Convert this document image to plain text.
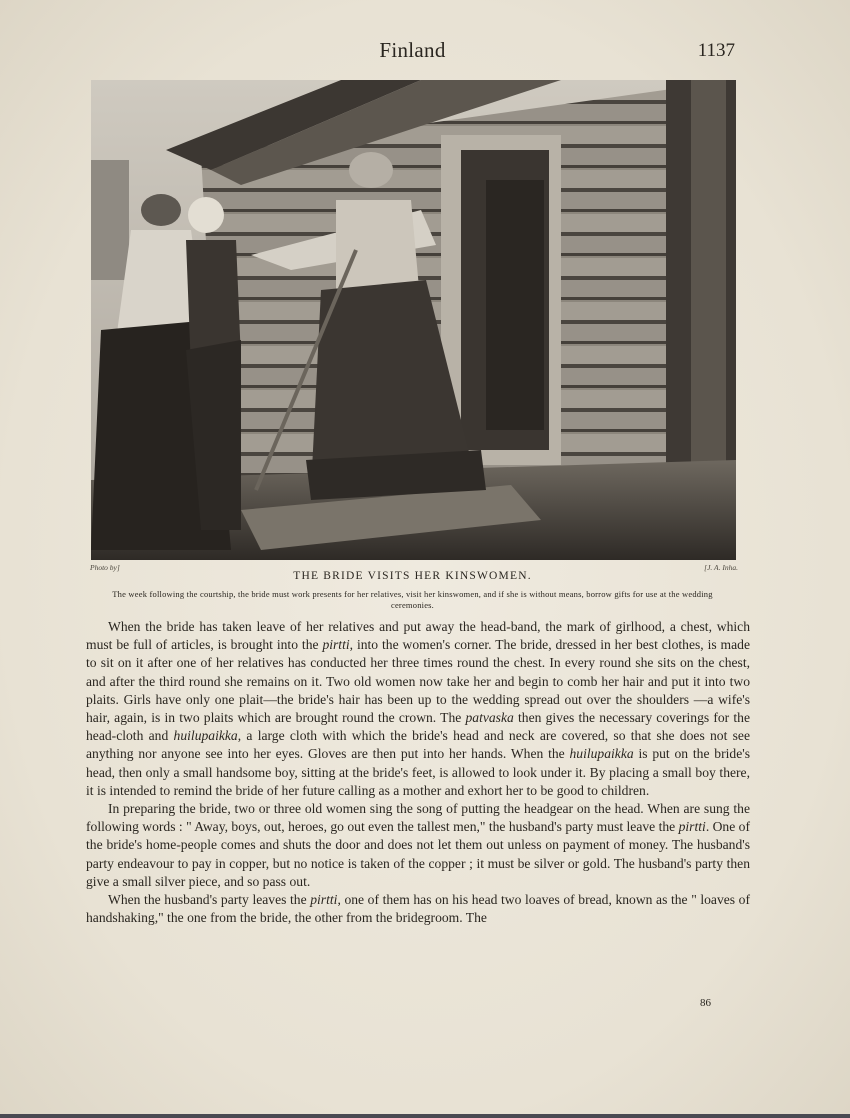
Finland	1137
Photo by]	[J. A. Inha.
THE BRIDE VISITS HER KINSWOMEN.
The week following the courtship, the bride must work presents for her relatives, visit her kinswomen, and if she is without means, borrow gifts for use at the wedding ceremonies.

When the bride has taken leave of her relatives and put away the head-band, the mark of girlhood, a chest, which must be full of articles, is brought into the pirtti, into the women's corner. The bride, dressed in her best clothes, is made to sit on it after one of her relatives has conducted her three times round the chest. In every round she sits on the chest, and after the third round she remains on it. Two old women now take her and begin to comb her hair and put it into two plaits. Girls have only one plait—the bride's hair has been up to the wedding spread out over the shoulders —a wife's hair, again, is in two plaits which are brought round the crown. The patvaska then gives the necessary coverings for the head-cloth and huilupaikka, a large cloth with which the bride's head and neck are covered, so that she does not see anything nor anyone see into her eyes. Gloves are then put into her hands. When the huilupaikka is put on the bride's head, then only a small handsome boy, sitting at the bride's feet, is allowed to look under it. By placing a small boy there, it is intended to remind the bride of her future calling as a mother and exhort her to be good to children.

In preparing the bride, two or three old women sing the song of putting the headgear on the head. When are sung the following words : " Away, boys, out, heroes, go out even the tallest men," the husband's party must leave the pirtti. One of the bride's home-people comes and shuts the door and does not let them out unless on payment of money. The husband's party endeavour to pay in copper, but no notice is taken of the copper ; it must be silver or gold. The husband's party then give a small silver piece, and so pass out.

When the husband's party leaves the pirtti, one of them has on his head two loaves of bread, known as the " loaves of handshaking," the one from the bride, the other from the bridegroom. The

86
